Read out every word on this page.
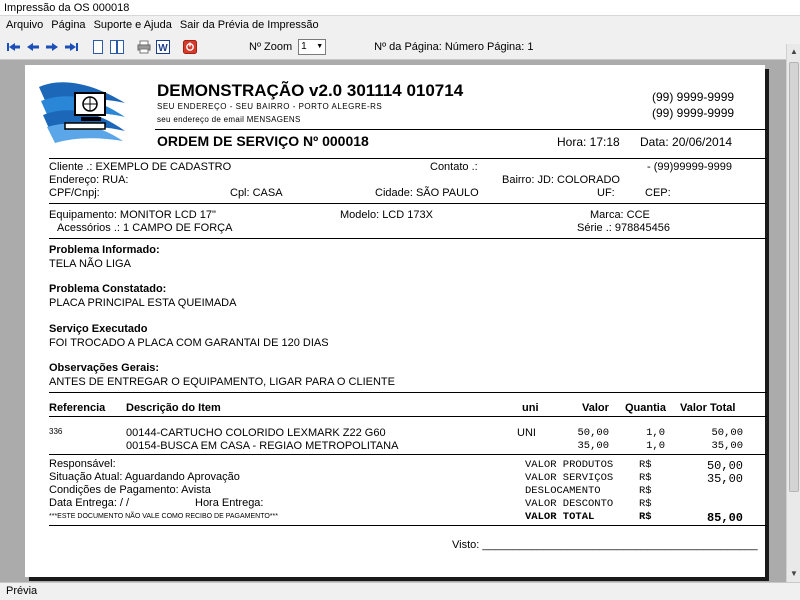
Impressão da OS 000018
Arquivo Página Suporte e Ajuda Sair da Prévia de Impressão
W	Nº Zoom 1 ▼	Nº da Página: Número Página: 1	▲
▼
DEMONSTRAÇÃO v2.0 301114 010714
SEU ENDEREÇO - SEU BAIRRO - PORTO ALEGRE-RS
seu endereço de email MENSAGENS
(99) 9999-9999
(99) 9999-9999
ORDEM DE SERVIÇO Nº 000018	Hora: 17:18 Data: 20/06/2014
Cliente .: EXEMPLO DE CADASTRO	Contato .:	- (99)99999-9999
Endereço: RUA:	Bairro: JD: COLORADO
CPF/Cnpj:	Cpl: CASA	Cidade: SÃO PAULO	UF:	CEP:
Equipamento: MONITOR LCD 17"	Modelo: LCD 173X	Marca: CCE
Acessórios .: 1 CAMPO DE FORÇA	Série .: 978845456
Problema Informado:
TELA NÃO LIGA
Problema Constatado:
PLACA PRINCIPAL ESTA QUEIMADA
Serviço Executado
FOI TROCADO A PLACA COM GARANTAI DE 120 DIAS
Observações Gerais:
ANTES DE ENTREGAR O EQUIPAMENTO, LIGAR PARA O CLIENTE
Referencia Descrição do Item	uni	Valor Quantia Valor Total
336	00144-CARTUCHO COLORIDO LEXMARK Z22 G60	UNI	50,00	1,0	50,00
00154-BUSCA EM CASA - REGIAO METROPOLITANA	35,00	1,0	35,00
Responsável:
Situação Atual: Aguardando Aprovação
Condições de Pagamento: Avista
Data Entrega: / /	Hora Entrega:
***ESTE DOCUMENTO NÃO VALE COMO RECIBO DE PAGAMENTO***
VALOR PRODUTOS R$	50,00
VALOR SERVIÇOS R$	35,00
DESLOCAMENTO	R$
VALOR DESCONTO R$
VALOR TOTAL	R$	85,00
Visto: _____________________________________________
Prévia
